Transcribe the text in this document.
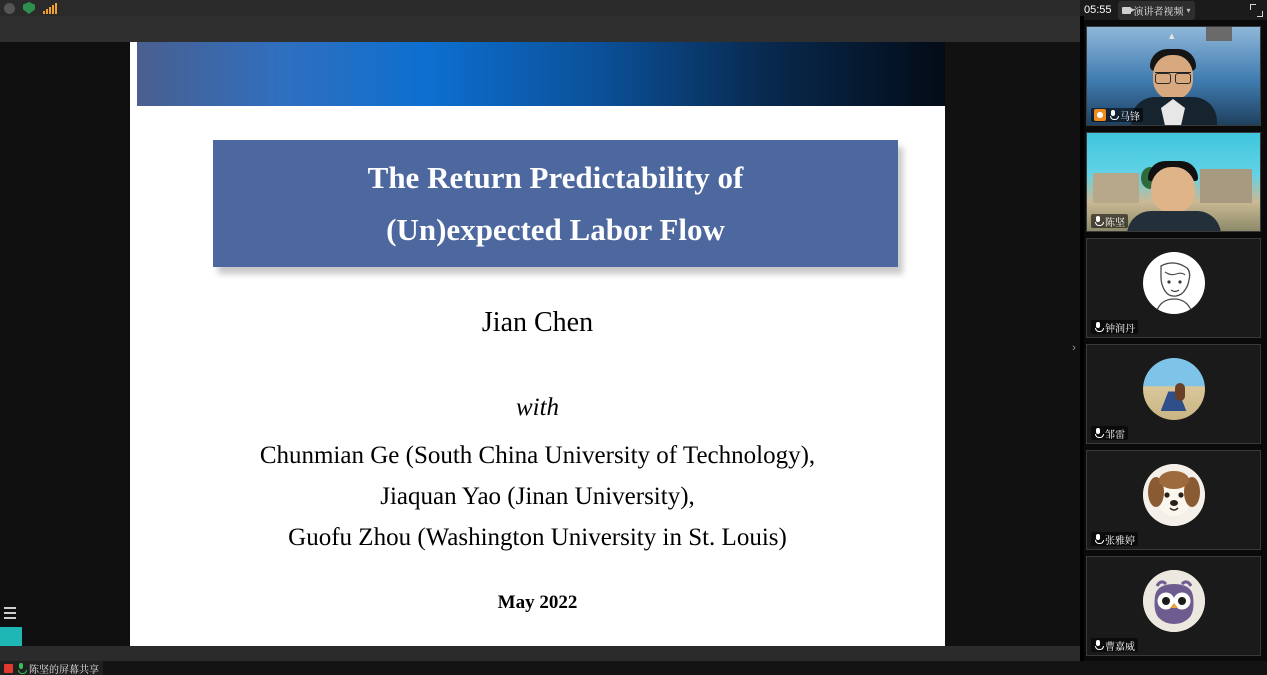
05:55 演讲者视频 ▾
The Return Predictability of
(Un)expected Labor Flow
Jian Chen
with
Chunmian Ge (South China University of Technology),
Jiaquan Yao (Jinan University),
Guofu Zhou (Washington University in St. Louis)
May 2022
›
▴
马锋
陈坚
钟润丹
邹雷
张雅婷
曹嘉威
陈坚的屏幕共享
